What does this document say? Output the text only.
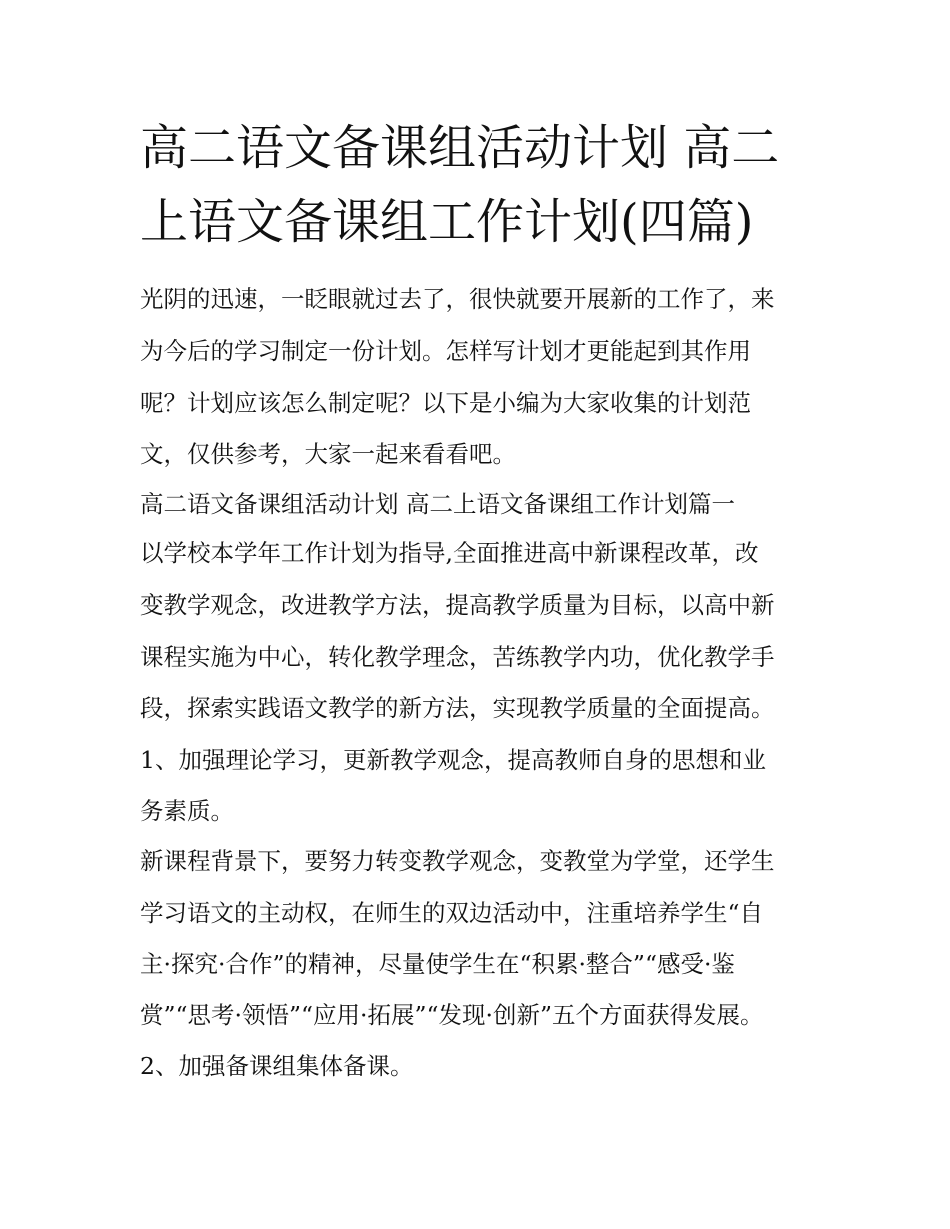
高二语文备课组活动计划 高二
上语文备课组工作计划(四篇)
光阴的迅速，一眨眼就过去了，很快就要开展新的工作了，来
为今后的学习制定一份计划。怎样写计划才更能起到其作用
呢？计划应该怎么制定呢？以下是小编为大家收集的计划范
文，仅供参考，大家一起来看看吧。
高二语文备课组活动计划 高二上语文备课组工作计划篇一
以学校本学年工作计划为指导,全面推进高中新课程改革，改
变教学观念，改进教学方法，提高教学质量为目标，以高中新
课程实施为中心，转化教学理念，苦练教学内功，优化教学手
段，探索实践语文教学的新方法，实现教学质量的全面提高。
1、加强理论学习，更新教学观念，提高教师自身的思想和业
务素质。
新课程背景下，要努力转变教学观念，变教堂为学堂，还学生
学习语文的主动权，在师生的双边活动中，注重培养学生“自
主·探究·合作”的精神，尽量使学生在“积累·整合”“感受·鉴
赏”“思考·领悟”“应用·拓展”“发现·创新”五个方面获得发展。
2、加强备课组集体备课。
